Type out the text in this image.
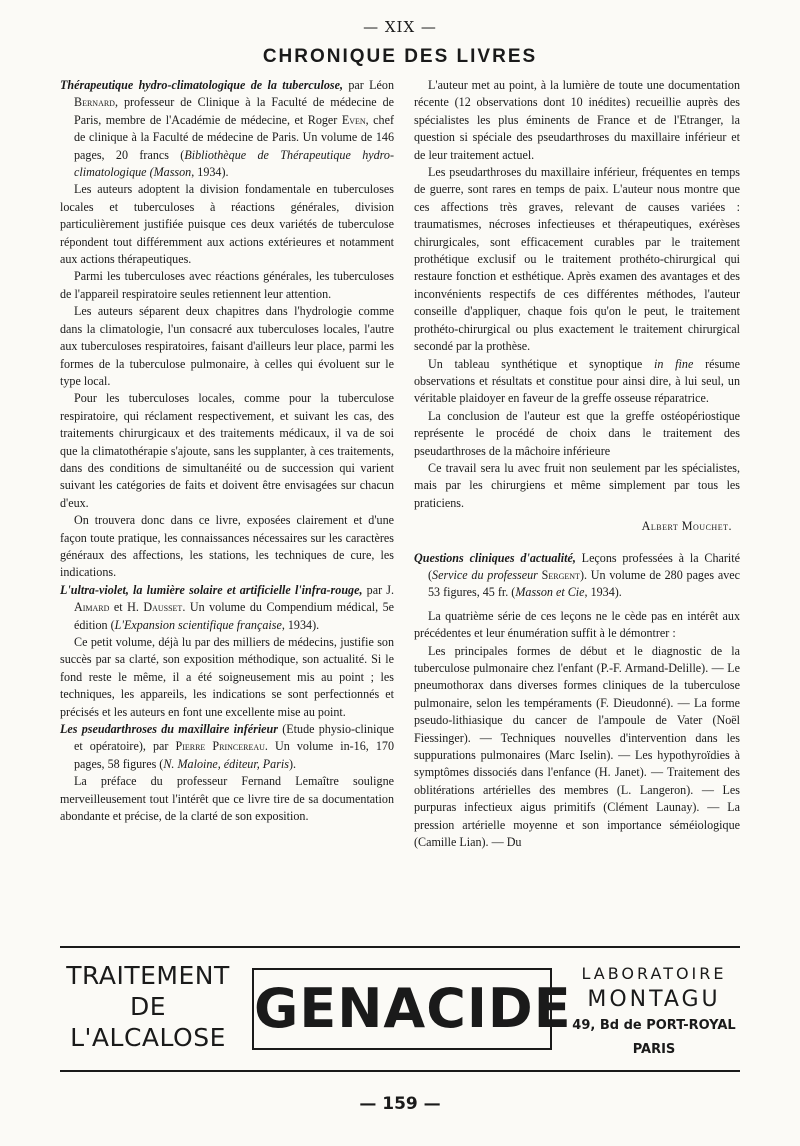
— XIX —
CHRONIQUE DES LIVRES

Thérapeutique hydro-climatologique de la tuberculose, par Léon Bernard, professeur de Clinique à la Faculté de médecine de Paris, membre de l'Académie de médecine, et Roger Even, chef de clinique à la Faculté de médecine de Paris. Un volume de 146 pages, 20 francs (Bibliothèque de Thérapeutique hydro-climatologique (Masson, 1934).

Les auteurs adoptent la division fondamentale en tuberculoses locales et tuberculoses à réactions générales, division particulièrement justifiée puisque ces deux variétés de tuberculose répondent tout différemment aux actions extérieures et notamment aux actions thérapeutiques.

Parmi les tuberculoses avec réactions générales, les tuberculoses de l'appareil respiratoire seules retiennent leur attention.

Les auteurs séparent deux chapitres dans l'hydrologie comme dans la climatologie, l'un consacré aux tuberculoses locales, l'autre aux tuberculoses respiratoires, faisant d'ailleurs leur place, parmi les formes de la tuberculose pulmonaire, à celles qui évoluent sur le type local.

Pour les tuberculoses locales, comme pour la tuberculose respiratoire, qui réclament respectivement, et suivant les cas, des traitements chirurgicaux et des traitements médicaux, il va de soi que la climatothérapie s'ajoute, sans les supplanter, à ces traitements, dans des conditions de simultanéité ou de succession qui varient suivant les catégories de faits et doivent être envisagées sur chacun d'eux.

On trouvera donc dans ce livre, exposées clairement et d'une façon toute pratique, les connaissances nécessaires sur les caractères généraux des affections, les stations, les techniques de cure, les indications.

L'ultra-violet, la lumière solaire et artificielle l'infra-rouge, par J. Aimard et H. Dausset. Un volume du Compendium médical, 5e édition (L'Expansion scientifique française, 1934).

Ce petit volume, déjà lu par des milliers de médecins, justifie son succès par sa clarté, son exposition méthodique, son actualité. Si le fond reste le même, il a été soigneusement mis au point ; les techniques, les appareils, les indications se sont perfectionnés et précisés et les auteurs en font une excellente mise au point.

Les pseudarthroses du maxillaire inférieur (Etude physio-clinique et opératoire), par Pierre Princereau. Un volume in-16, 170 pages, 58 figures (N. Maloine, éditeur, Paris).

La préface du professeur Fernand Lemaître souligne merveilleusement tout l'intérêt que ce livre tire de sa documentation abondante et précise, de la clarté de son exposition.

L'auteur met au point, à la lumière de toute une documentation récente (12 observations dont 10 inédites) recueillie auprès des spécialistes les plus éminents de France et de l'Etranger, la question si spéciale des pseudarthroses du maxillaire inférieur et de leur traitement actuel.

Les pseudarthroses du maxillaire inférieur, fréquentes en temps de guerre, sont rares en temps de paix. L'auteur nous montre que ces affections très graves, relevant de causes variées : traumatismes, nécroses infectieuses et thérapeutiques, exérèses chirurgicales, sont efficacement curables par le traitement prothétique exclusif ou le traitement prothéto-chirurgical qui restaure fonction et esthétique. Après examen des avantages et des inconvénients respectifs de ces différentes méthodes, l'auteur conseille d'appliquer, chaque fois qu'on le peut, le traitement prothéto-chirurgical ou plus exactement le traitement chirurgical secondé par la prothèse.

Un tableau synthétique et synoptique in fine résume observations et résultats et constitue pour ainsi dire, à lui seul, un véritable plaidoyer en faveur de la greffe osseuse réparatrice.

La conclusion de l'auteur est que la greffe ostéopériostique représente le procédé de choix dans le traitement des pseudarthroses de la mâchoire inférieure

Ce travail sera lu avec fruit non seulement par les spécialistes, mais par les chirurgiens et même simplement par tous les praticiens.

Albert Mouchet.

Questions cliniques d'actualité, Leçons professées à la Charité (Service du professeur Sergent). Un volume de 280 pages avec 53 figures, 45 fr. (Masson et Cie, 1934).

La quatrième série de ces leçons ne le cède pas en intérêt aux précédentes et leur énumération suffit à le démontrer :

Les principales formes de début et le diagnostic de la tuberculose pulmonaire chez l'enfant (P.-F. Armand-Delille). — Le pneumothorax dans diverses formes cliniques de la tuberculose pulmonaire, selon les tempéraments (F. Dieudonné). — La forme pseudo-lithiasique du cancer de l'ampoule de Vater (Noël Fiessinger). — Techniques nouvelles d'intervention dans les suppurations pulmonaires (Marc Iselin). — Les hypothyroïdies à symptômes dissociés dans l'enfance (H. Janet). — Traitement des oblitérations artérielles des membres (L. Langeron). — Les purpuras infectieux aigus primitifs (Clément Launay). — La pression artérielle moyenne et son importance séméiologique (Camille Lian). — Du

TRAITEMENT
DE
L'ALCALOSE GENACIDE
LABORATOIRE
MONTAGU
49, Bd de PORT-ROYAL
PARIS
— 159 —
